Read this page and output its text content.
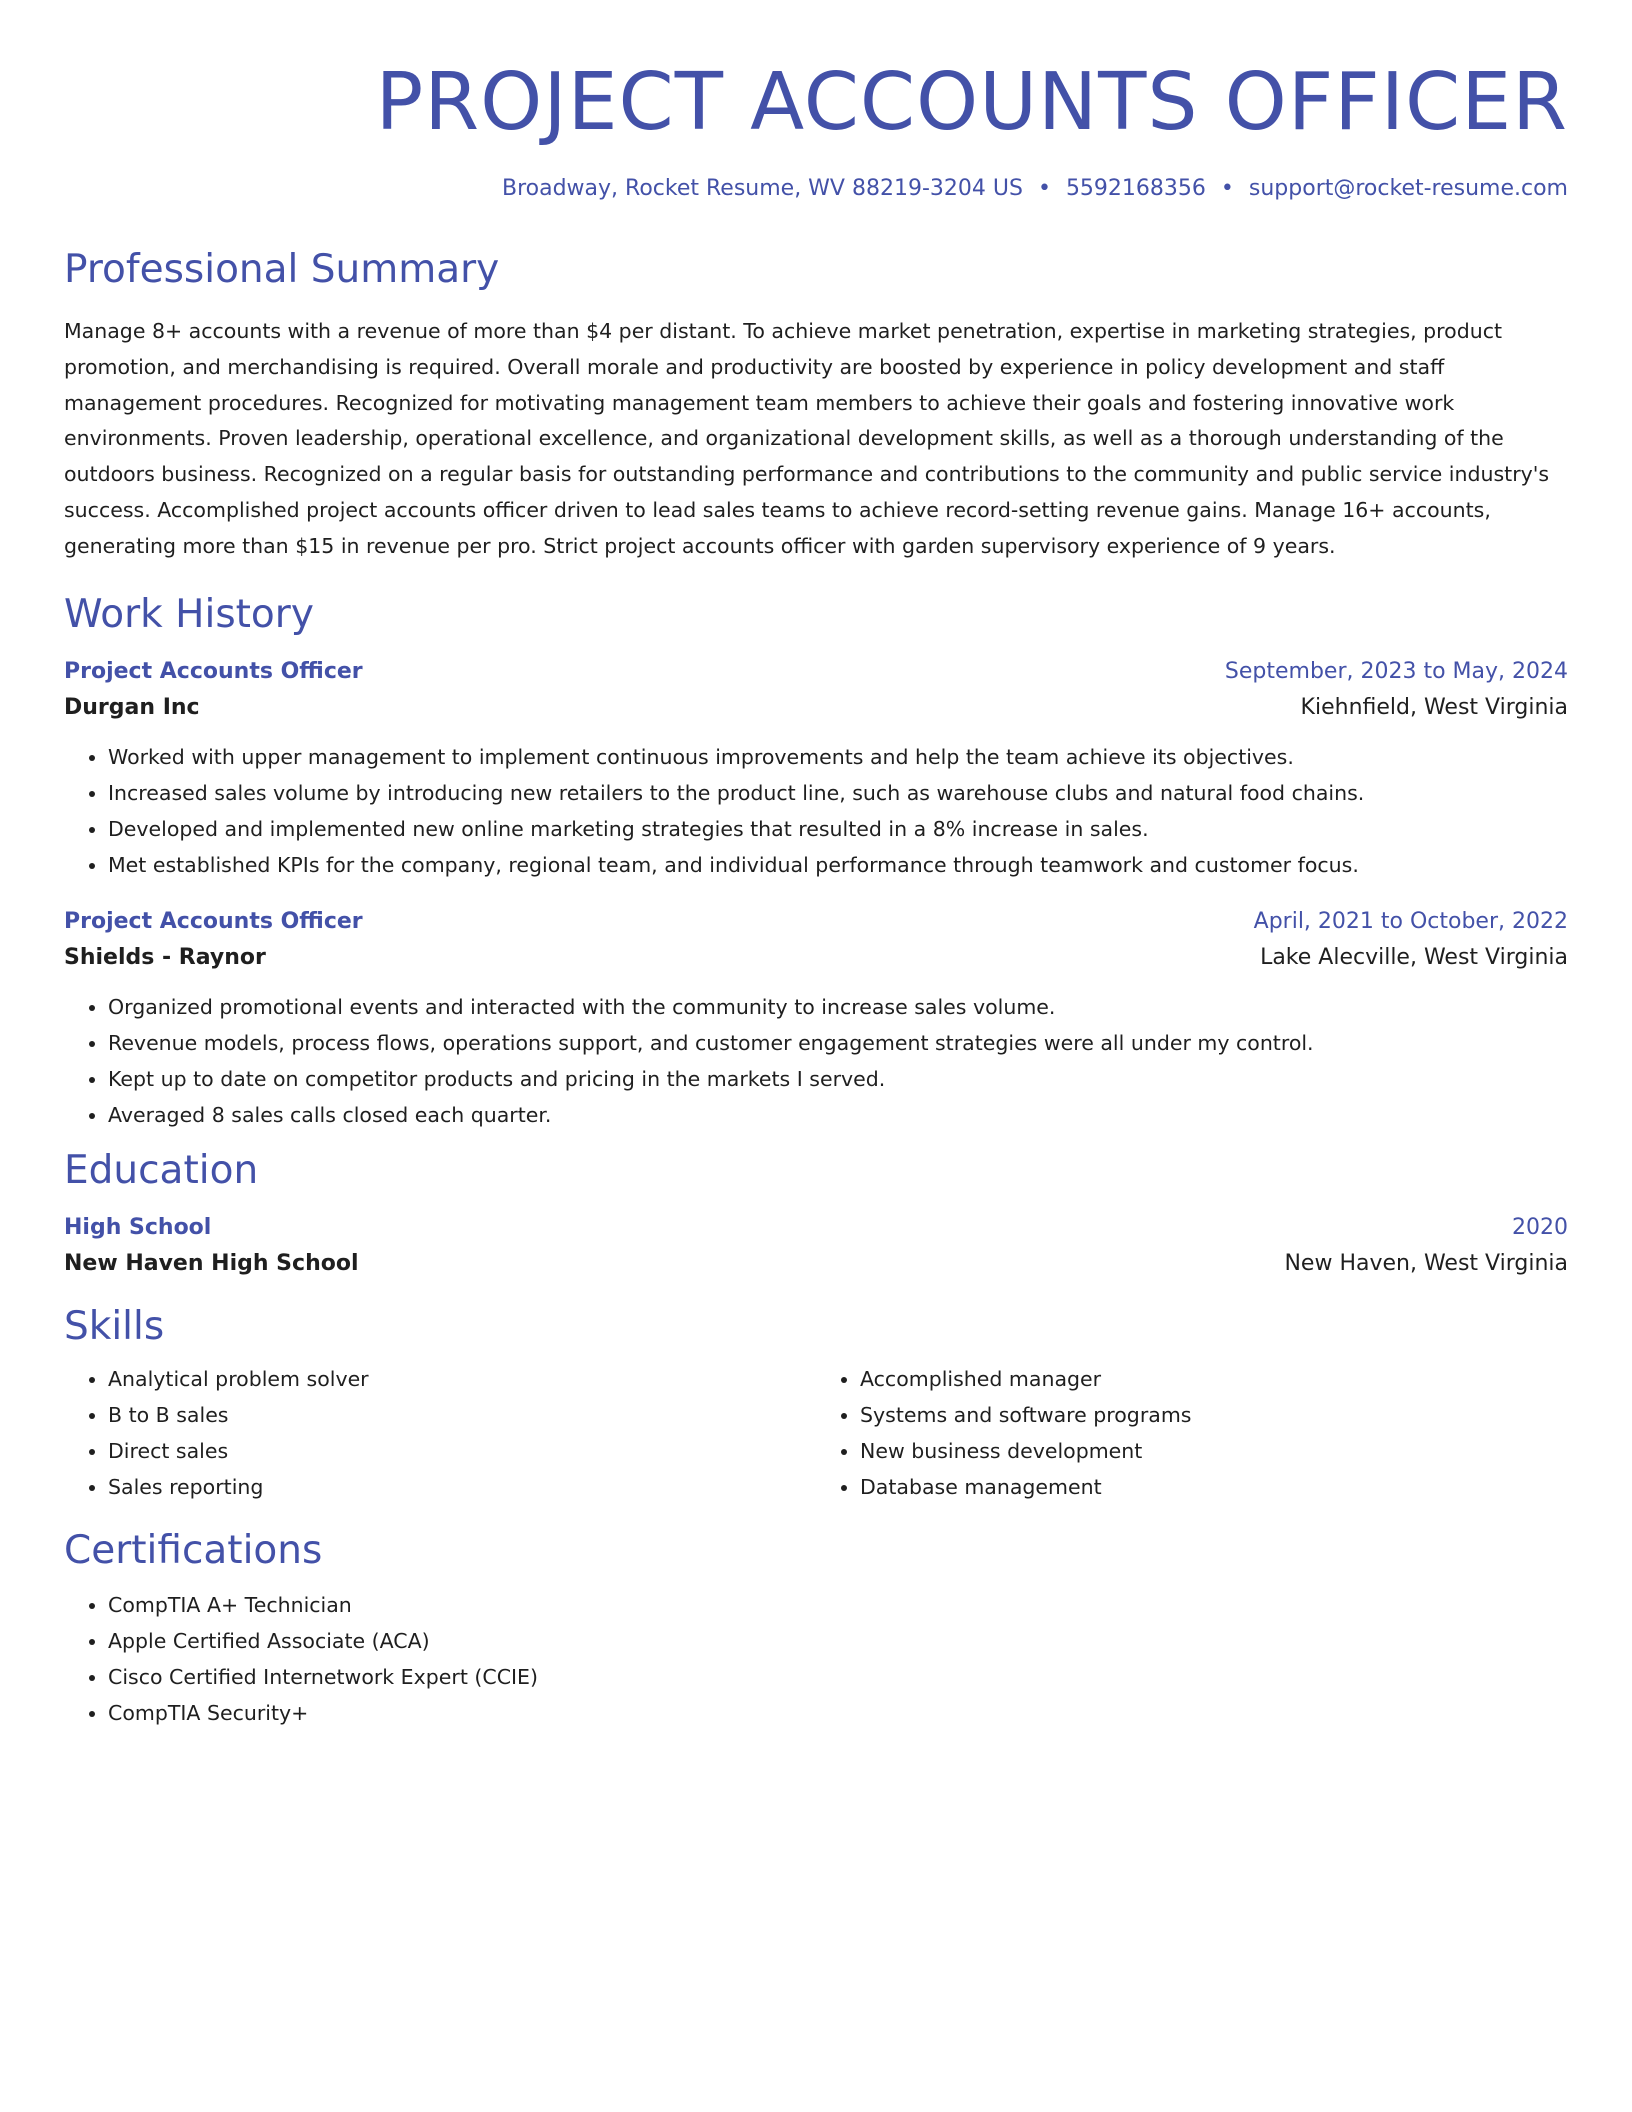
PROJECT ACCOUNTS OFFICER
Broadway, Rocket Resume, WV 88219-3204 US • 5592168356 • support@rocket-resume.com
Professional Summary
Manage 8+ accounts with a revenue of more than $4 per distant. To achieve market penetration, expertise in marketing strategies, product promotion, and merchandising is required. Overall morale and productivity are boosted by experience in policy development and staff management procedures. Recognized for motivating management team members to achieve their goals and fostering innovative work environments. Proven leadership, operational excellence, and organizational development skills, as well as a thorough understanding of the outdoors business. Recognized on a regular basis for outstanding performance and contributions to the community and public service industry's success. Accomplished project accounts officer driven to lead sales teams to achieve record-setting revenue gains. Manage 16+ accounts, generating more than $15 in revenue per pro. Strict project accounts officer with garden supervisory experience of 9 years.
Work History
Project Accounts Officer	September, 2023 to May, 2024
Durgan Inc	Kiehnfield, West Virginia
• Worked with upper management to implement continuous improvements and help the team achieve its objectives.
• Increased sales volume by introducing new retailers to the product line, such as warehouse clubs and natural food chains.
• Developed and implemented new online marketing strategies that resulted in a 8% increase in sales.
• Met established KPIs for the company, regional team, and individual performance through teamwork and customer focus.
Project Accounts Officer	April, 2021 to October, 2022
Shields - Raynor	Lake Alecville, West Virginia
• Organized promotional events and interacted with the community to increase sales volume.
• Revenue models, process flows, operations support, and customer engagement strategies were all under my control.
• Kept up to date on competitor products and pricing in the markets I served.
• Averaged 8 sales calls closed each quarter.
Education
High School	2020
New Haven High School	New Haven, West Virginia
Skills
• Analytical problem solver
• B to B sales
• Direct sales
• Sales reporting
• Accomplished manager
• Systems and software programs
• New business development
• Database management
Certifications
• CompTIA A+ Technician
• Apple Certified Associate (ACA)
• Cisco Certified Internetwork Expert (CCIE)
• CompTIA Security+
